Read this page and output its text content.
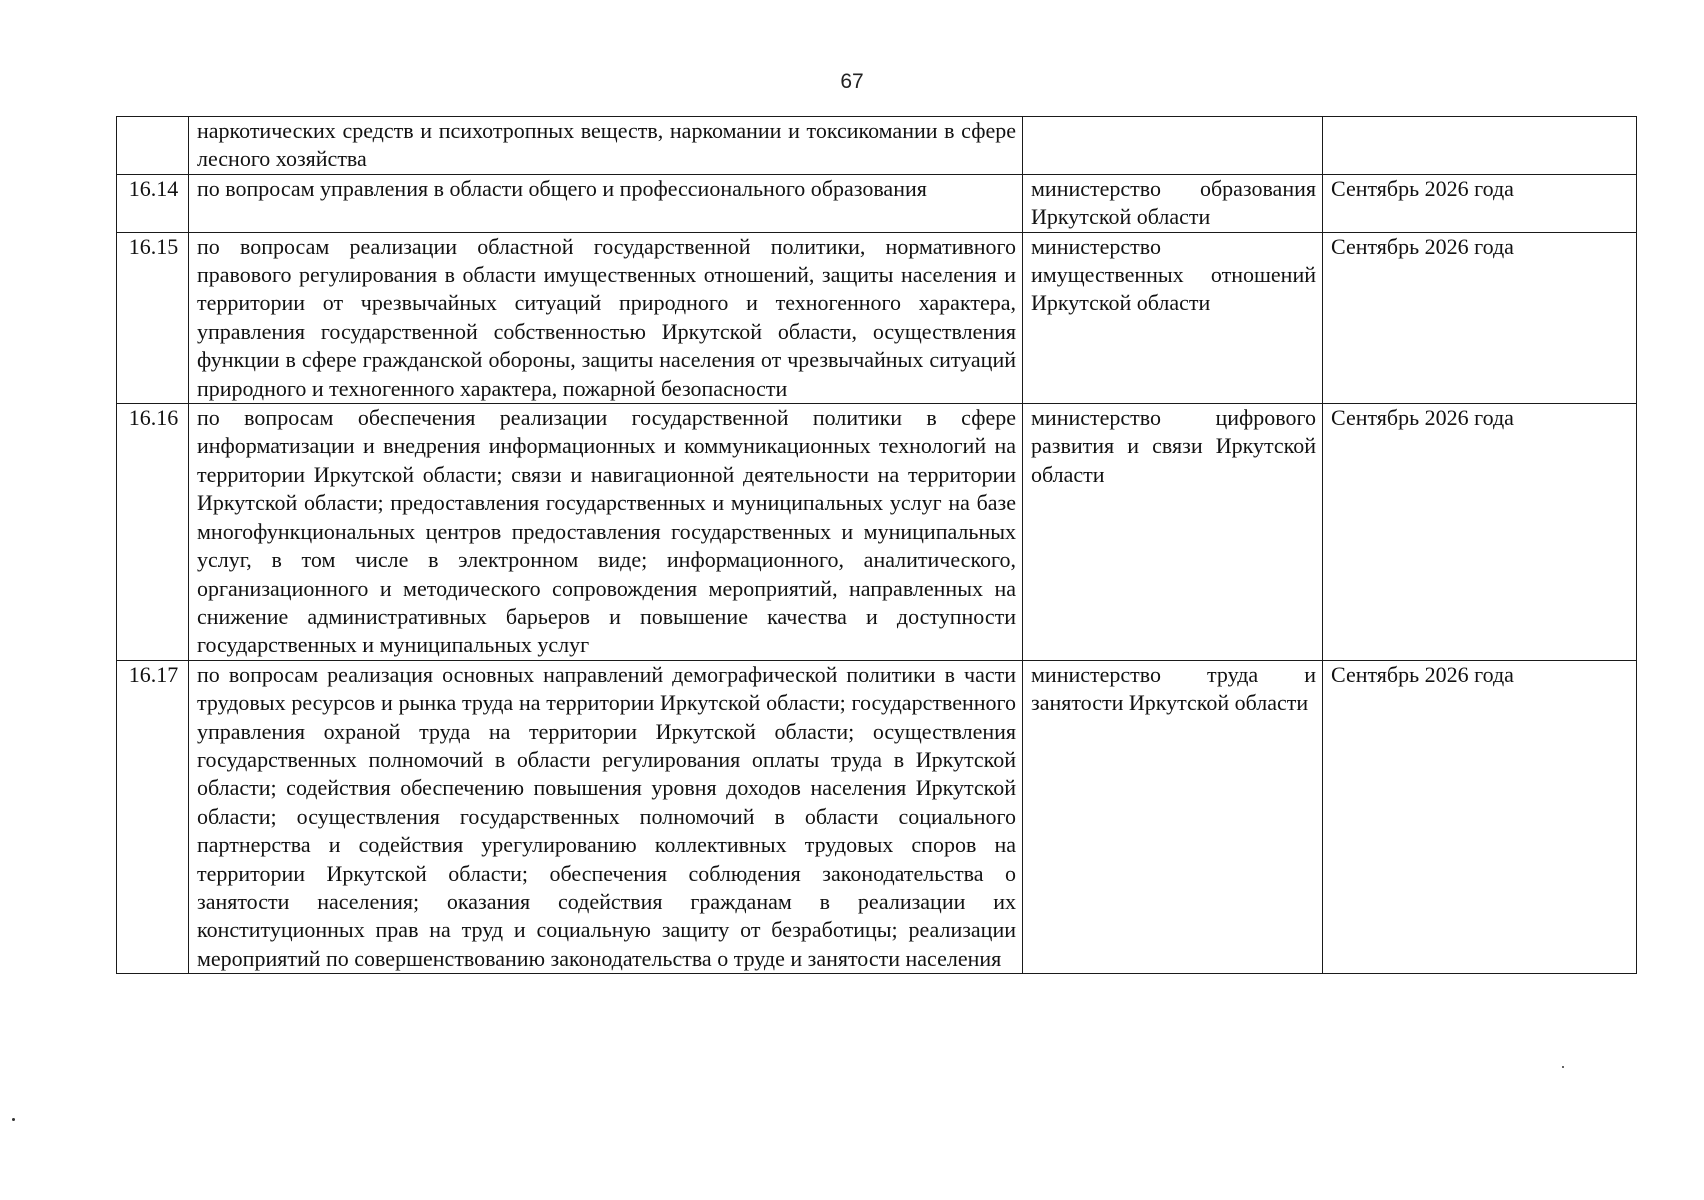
67
	наркотических средств и психотропных веществ, наркомании и токсикомании в сфере лесного хозяйства		
16.14	по вопросам управления в области общего и профессионального образования	министерство образования Иркутской области	Сентябрь 2026 года
16.15	по вопросам реализации областной государственной политики, нормативного правового регулирования в области имущественных отношений, защиты населения и территории от чрезвычайных ситуаций природного и техногенного характера, управления государственной собственностью Иркутской области, осуществления функции в сфере гражданской обороны, защиты населения от чрезвычайных ситуаций природного и техногенного характера, пожарной безопасности	министерство имущественных отношений Иркутской области	Сентябрь 2026 года
16.16	по вопросам обеспечения реализации государственной политики в сфере информатизации и внедрения информационных и коммуникационных технологий на территории Иркутской области; связи и навигационной деятельности на территории Иркутской области; предоставления государственных и муниципальных услуг на базе многофункциональных центров предоставления государственных и муниципальных услуг, в том числе в электронном виде; информационного, аналитического, организационного и методического сопровождения мероприятий, направленных на снижение административных барьеров и повышение качества и доступности государственных и муниципальных услуг	министерство цифрового развития и связи Иркутской области	Сентябрь 2026 года
16.17	по вопросам реализация основных направлений демографической политики в части трудовых ресурсов и рынка труда на территории Иркутской области; государственного управления охраной труда на территории Иркутской области; осуществления государственных полномочий в области регулирования оплаты труда в Иркутской области; содействия обеспечению повышения уровня доходов населения Иркутской области; осуществления государственных полномочий в области социального партнерства и содействия урегулированию коллективных трудовых споров на территории Иркутской области; обеспечения соблюдения законодательства о занятости населения; оказания содействия гражданам в реализации их конституционных прав на труд и социальную защиту от безработицы; реализации мероприятий по совершенствованию законодательства о труде и занятости населения	министерство труда и занятости Иркутской области	Сентябрь 2026 года
